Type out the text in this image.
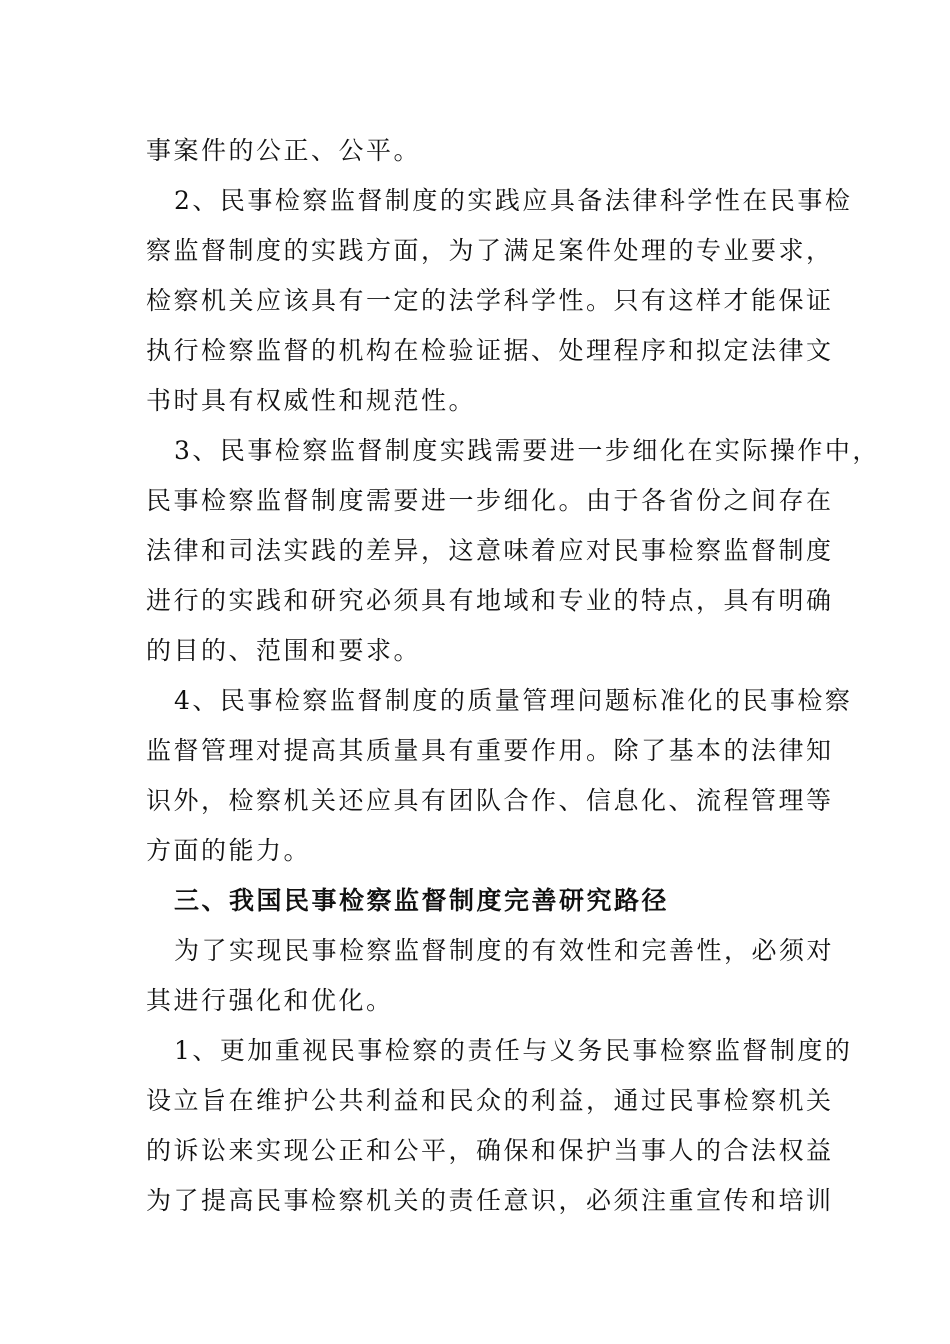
事案件的公正、公平。
2、民事检察监督制度的实践应具备法律科学性在民事检
察监督制度的实践方面，为了满足案件处理的专业要求，
检察机关应该具有一定的法学科学性。只有这样才能保证
执行检察监督的机构在检验证据、处理程序和拟定法律文
书时具有权威性和规范性。
3、民事检察监督制度实践需要进一步细化在实际操作中，
民事检察监督制度需要进一步细化。由于各省份之间存在
法律和司法实践的差异，这意味着应对民事检察监督制度
进行的实践和研究必须具有地域和专业的特点，具有明确
的目的、范围和要求。
4、民事检察监督制度的质量管理问题标准化的民事检察
监督管理对提高其质量具有重要作用。除了基本的法律知
识外，检察机关还应具有团队合作、信息化、流程管理等
方面的能力。
三、我国民事检察监督制度完善研究路径
为了实现民事检察监督制度的有效性和完善性，必须对
其进行强化和优化。
1、更加重视民事检察的责任与义务民事检察监督制度的
设立旨在维护公共利益和民众的利益，通过民事检察机关
的诉讼来实现公正和公平，确保和保护当事人的合法权益
为了提高民事检察机关的责任意识，必须注重宣传和培训
